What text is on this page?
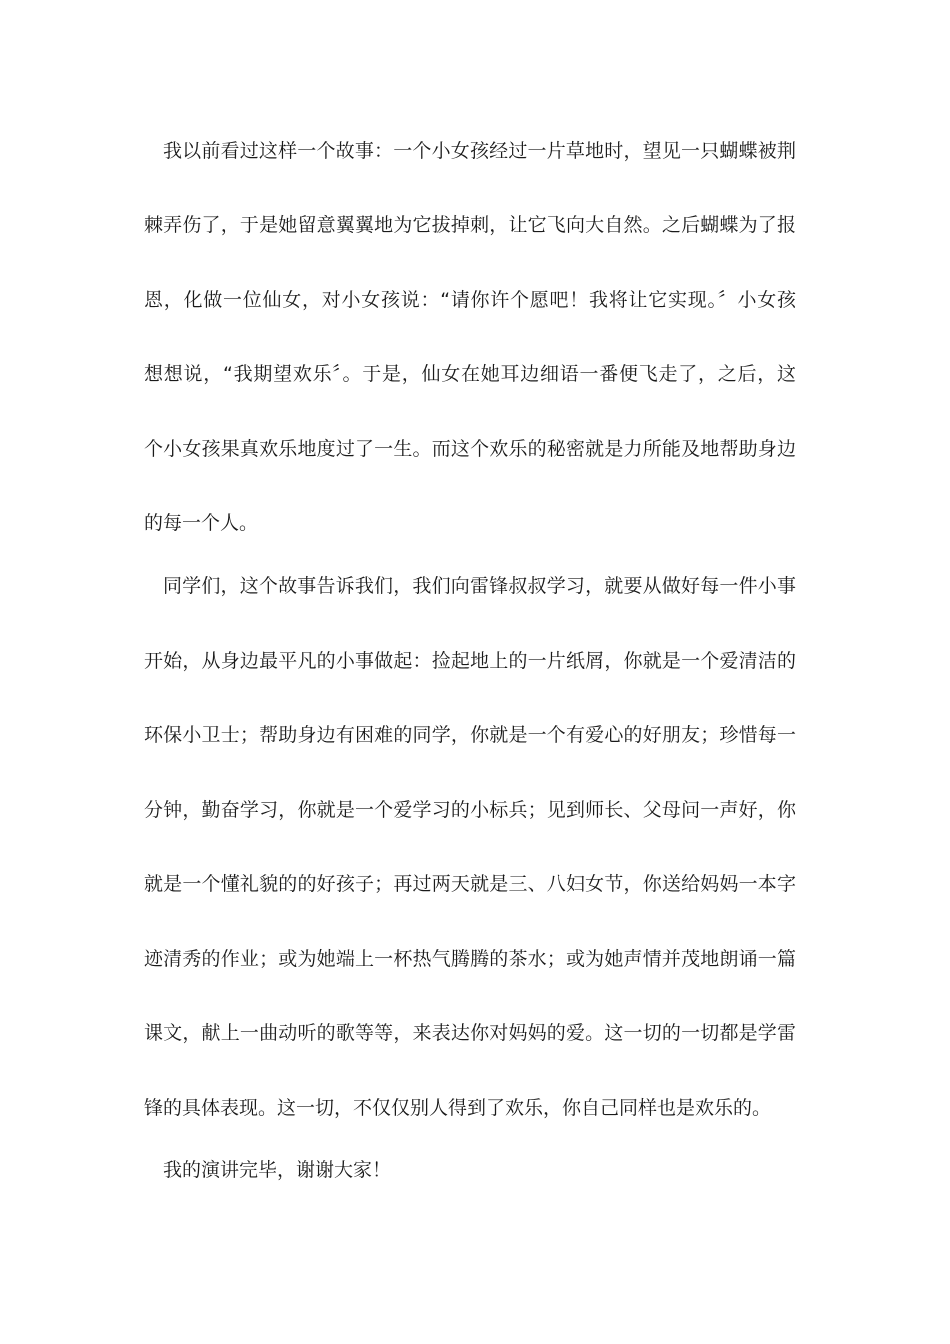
我以前看过这样一个故事：一个小女孩经过一片草地时，望见一只蝴蝶被荆
棘弄伤了，于是她留意翼翼地为它拔掉刺，让它飞向大自然。之后蝴蝶为了报
恩，化做一位仙女，对小女孩说：“请你许个愿吧！我将让它实现。〞小女孩
想想说，“我期望欢乐〞。于是，仙女在她耳边细语一番便飞走了，之后，这
个小女孩果真欢乐地度过了一生。而这个欢乐的秘密就是力所能及地帮助身边
的每一个人。
同学们，这个故事告诉我们，我们向雷锋叔叔学习，就要从做好每一件小事
开始，从身边最平凡的小事做起：捡起地上的一片纸屑，你就是一个爱清洁的
环保小卫士；帮助身边有困难的同学，你就是一个有爱心的好朋友；珍惜每一
分钟，勤奋学习，你就是一个爱学习的小标兵；见到师长、父母问一声好，你
就是一个懂礼貌的的好孩子；再过两天就是三、八妇女节，你送给妈妈一本字
迹清秀的作业；或为她端上一杯热气腾腾的茶水；或为她声情并茂地朗诵一篇
课文，献上一曲动听的歌等等，来表达你对妈妈的爱。这一切的一切都是学雷
锋的具体表现。这一切，不仅仅别人得到了欢乐，你自己同样也是欢乐的。
我的演讲完毕，谢谢大家！
